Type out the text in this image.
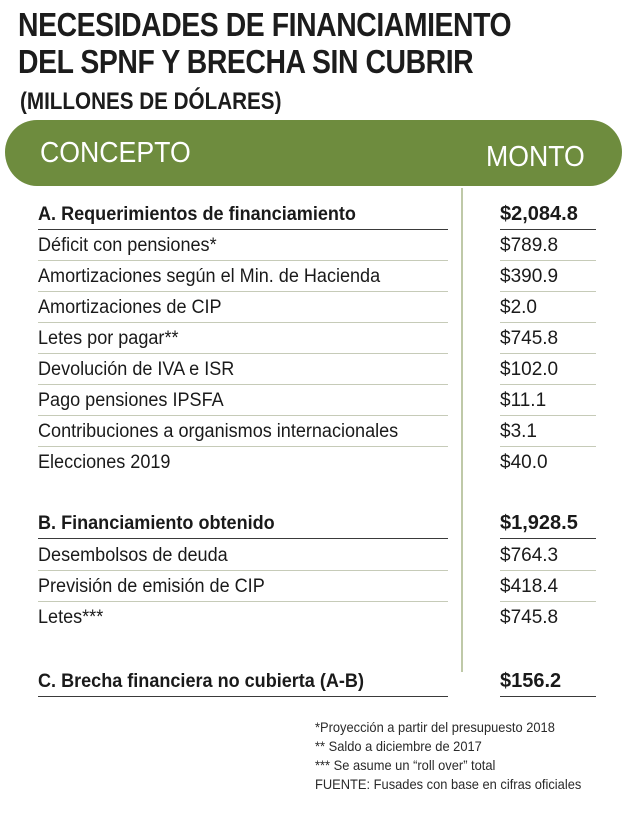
NECESIDADES DE FINANCIAMIENTO
DEL SPNF Y BRECHA SIN CUBRIR
(MILLONES DE DÓLARES)
CONCEPTO	MONTO
A. Requerimientos de financiamiento	$2,084.8
Déficit con pensiones*	$789.8
Amortizaciones según el Min. de Hacienda	$390.9
Amortizaciones de CIP	$2.0
Letes por pagar**	$745.8
Devolución de IVA e ISR	$102.0
Pago pensiones IPSFA	$11.1
Contribuciones a organismos internacionales	$3.1
Elecciones 2019	$40.0
B. Financiamiento obtenido	$1,928.5
Desembolsos de deuda	$764.3
Previsión de emisión de CIP	$418.4
Letes***	$745.8
C. Brecha financiera no cubierta (A-B)	$156.2
*Proyección a partir del presupuesto 2018
** Saldo a diciembre de 2017
*** Se asume un “roll over” total
FUENTE: Fusades con base en cifras oficiales
